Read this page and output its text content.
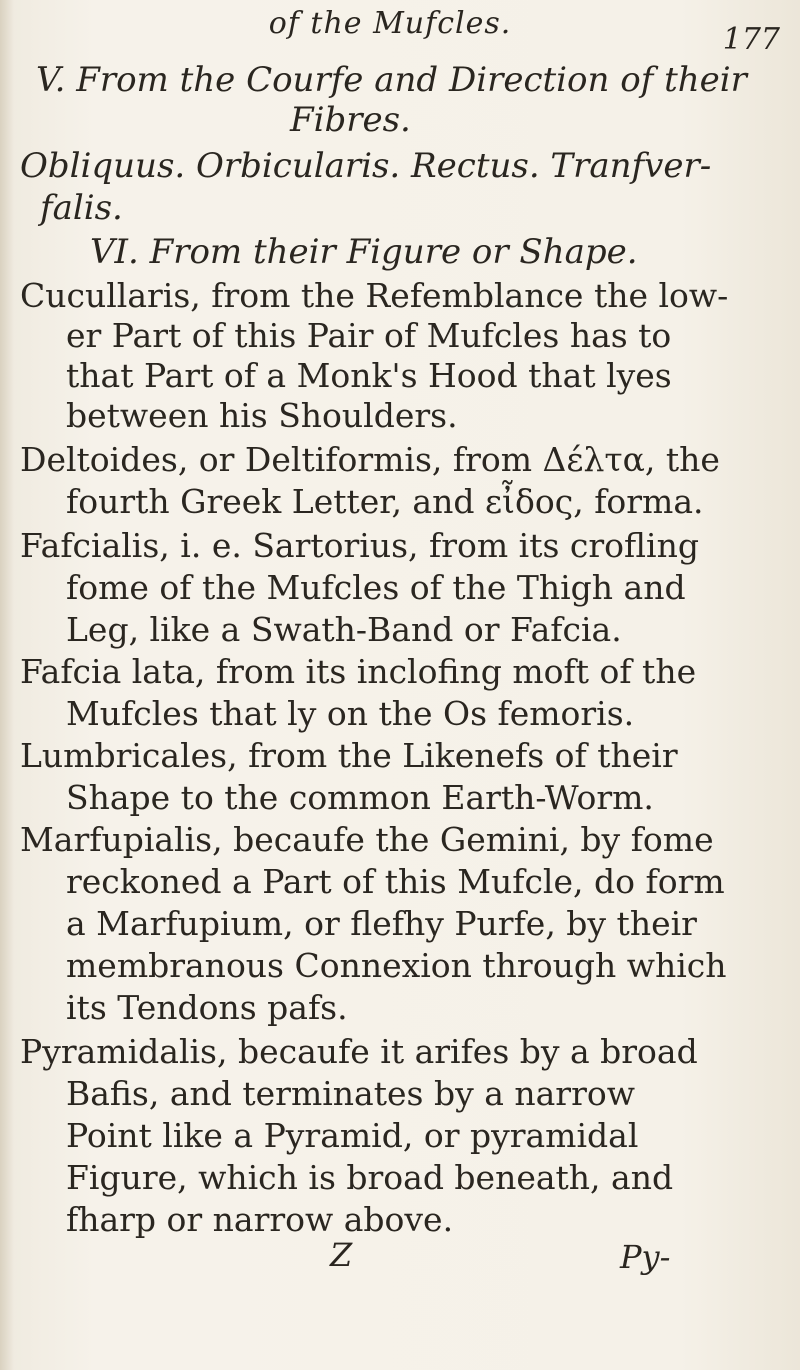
of the Mufcles.	177
V. From the Courfe and Direction of their
Fibres.
Obliquus. Orbicularis. Rectus. Tranfver-
falis.
VI. From their Figure or Shape.
Cucullaris, from the Refemblance the low-
er Part of this Pair of Mufcles has to
that Part of a Monk's Hood that lyes
between his Shoulders.
Deltoides, or Deltiformis, from Δέλτα, the
fourth Greek Letter, and εἶδος, forma.
Fafcialis, i. e. Sartorius, from its crofling
fome of the Mufcles of the Thigh and
Leg, like a Swath-Band or Fafcia.
Fafcia lata, from its inclofing moft of the
Mufcles that ly on the Os femoris.
Lumbricales, from the Likenefs of their
Shape to the common Earth-Worm.
Marfupialis, becaufe the Gemini, by fome
reckoned a Part of this Mufcle, do form
a Marfupium, or flefhy Purfe, by their
membranous Connexion through which
its Tendons pafs.
Pyramidalis, becaufe it arifes by a broad
Bafis, and terminates by a narrow
Point like a Pyramid, or pyramidal
Figure, which is broad beneath, and
fharp or narrow above.
Z	Py-
